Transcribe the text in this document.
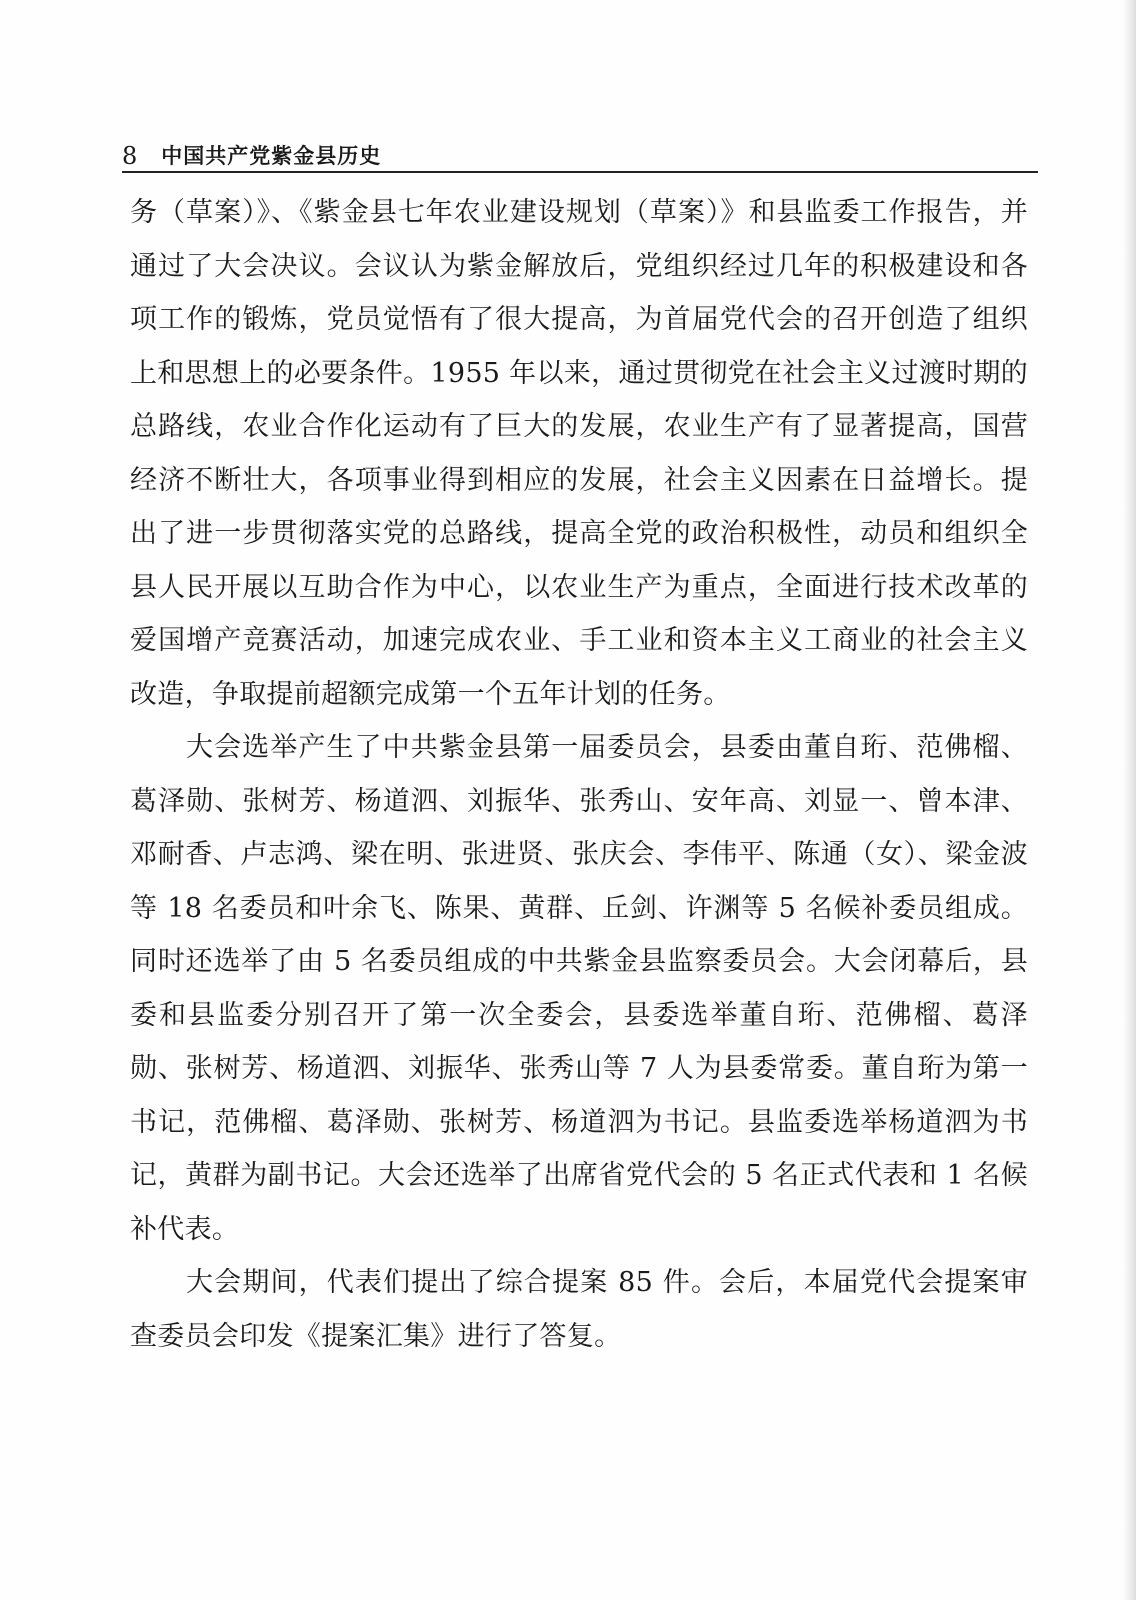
8 中国共产党紫金县历史

务（草案）》、《紫金县七年农业建设规划（草案）》和县监委工作报告，并通过了大会决议。会议认为紫金解放后，党组织经过几年的积极建设和各项工作的锻炼，党员觉悟有了很大提高，为首届党代会的召开创造了组织上和思想上的必要条件。1955 年以来，通过贯彻党在社会主义过渡时期的总路线，农业合作化运动有了巨大的发展，农业生产有了显著提高，国营经济不断壮大，各项事业得到相应的发展，社会主义因素在日益增长。提出了进一步贯彻落实党的总路线，提高全党的政治积极性，动员和组织全县人民开展以互助合作为中心，以农业生产为重点，全面进行技术改革的爱国增产竞赛活动，加速完成农业、手工业和资本主义工商业的社会主义改造，争取提前超额完成第一个五年计划的任务。

大会选举产生了中共紫金县第一届委员会，县委由董自珩、范佛榴、葛泽勋、张树芳、杨道泗、刘振华、张秀山、安年高、刘显一、曾本津、邓耐香、卢志鸿、梁在明、张进贤、张庆会、李伟平、陈通（女）、梁金波等 18 名委员和叶余飞、陈果、黄群、丘剑、许渊等 5 名候补委员组成。同时还选举了由 5 名委员组成的中共紫金县监察委员会。大会闭幕后，县委和县监委分别召开了第一次全委会，县委选举董自珩、范佛榴、葛泽勋、张树芳、杨道泗、刘振华、张秀山等 7 人为县委常委。董自珩为第一书记，范佛榴、葛泽勋、张树芳、杨道泗为书记。县监委选举杨道泗为书记，黄群为副书记。大会还选举了出席省党代会的 5 名正式代表和 1 名候补代表。

大会期间，代表们提出了综合提案 85 件。会后，本届党代会提案审查委员会印发《提案汇集》进行了答复。
